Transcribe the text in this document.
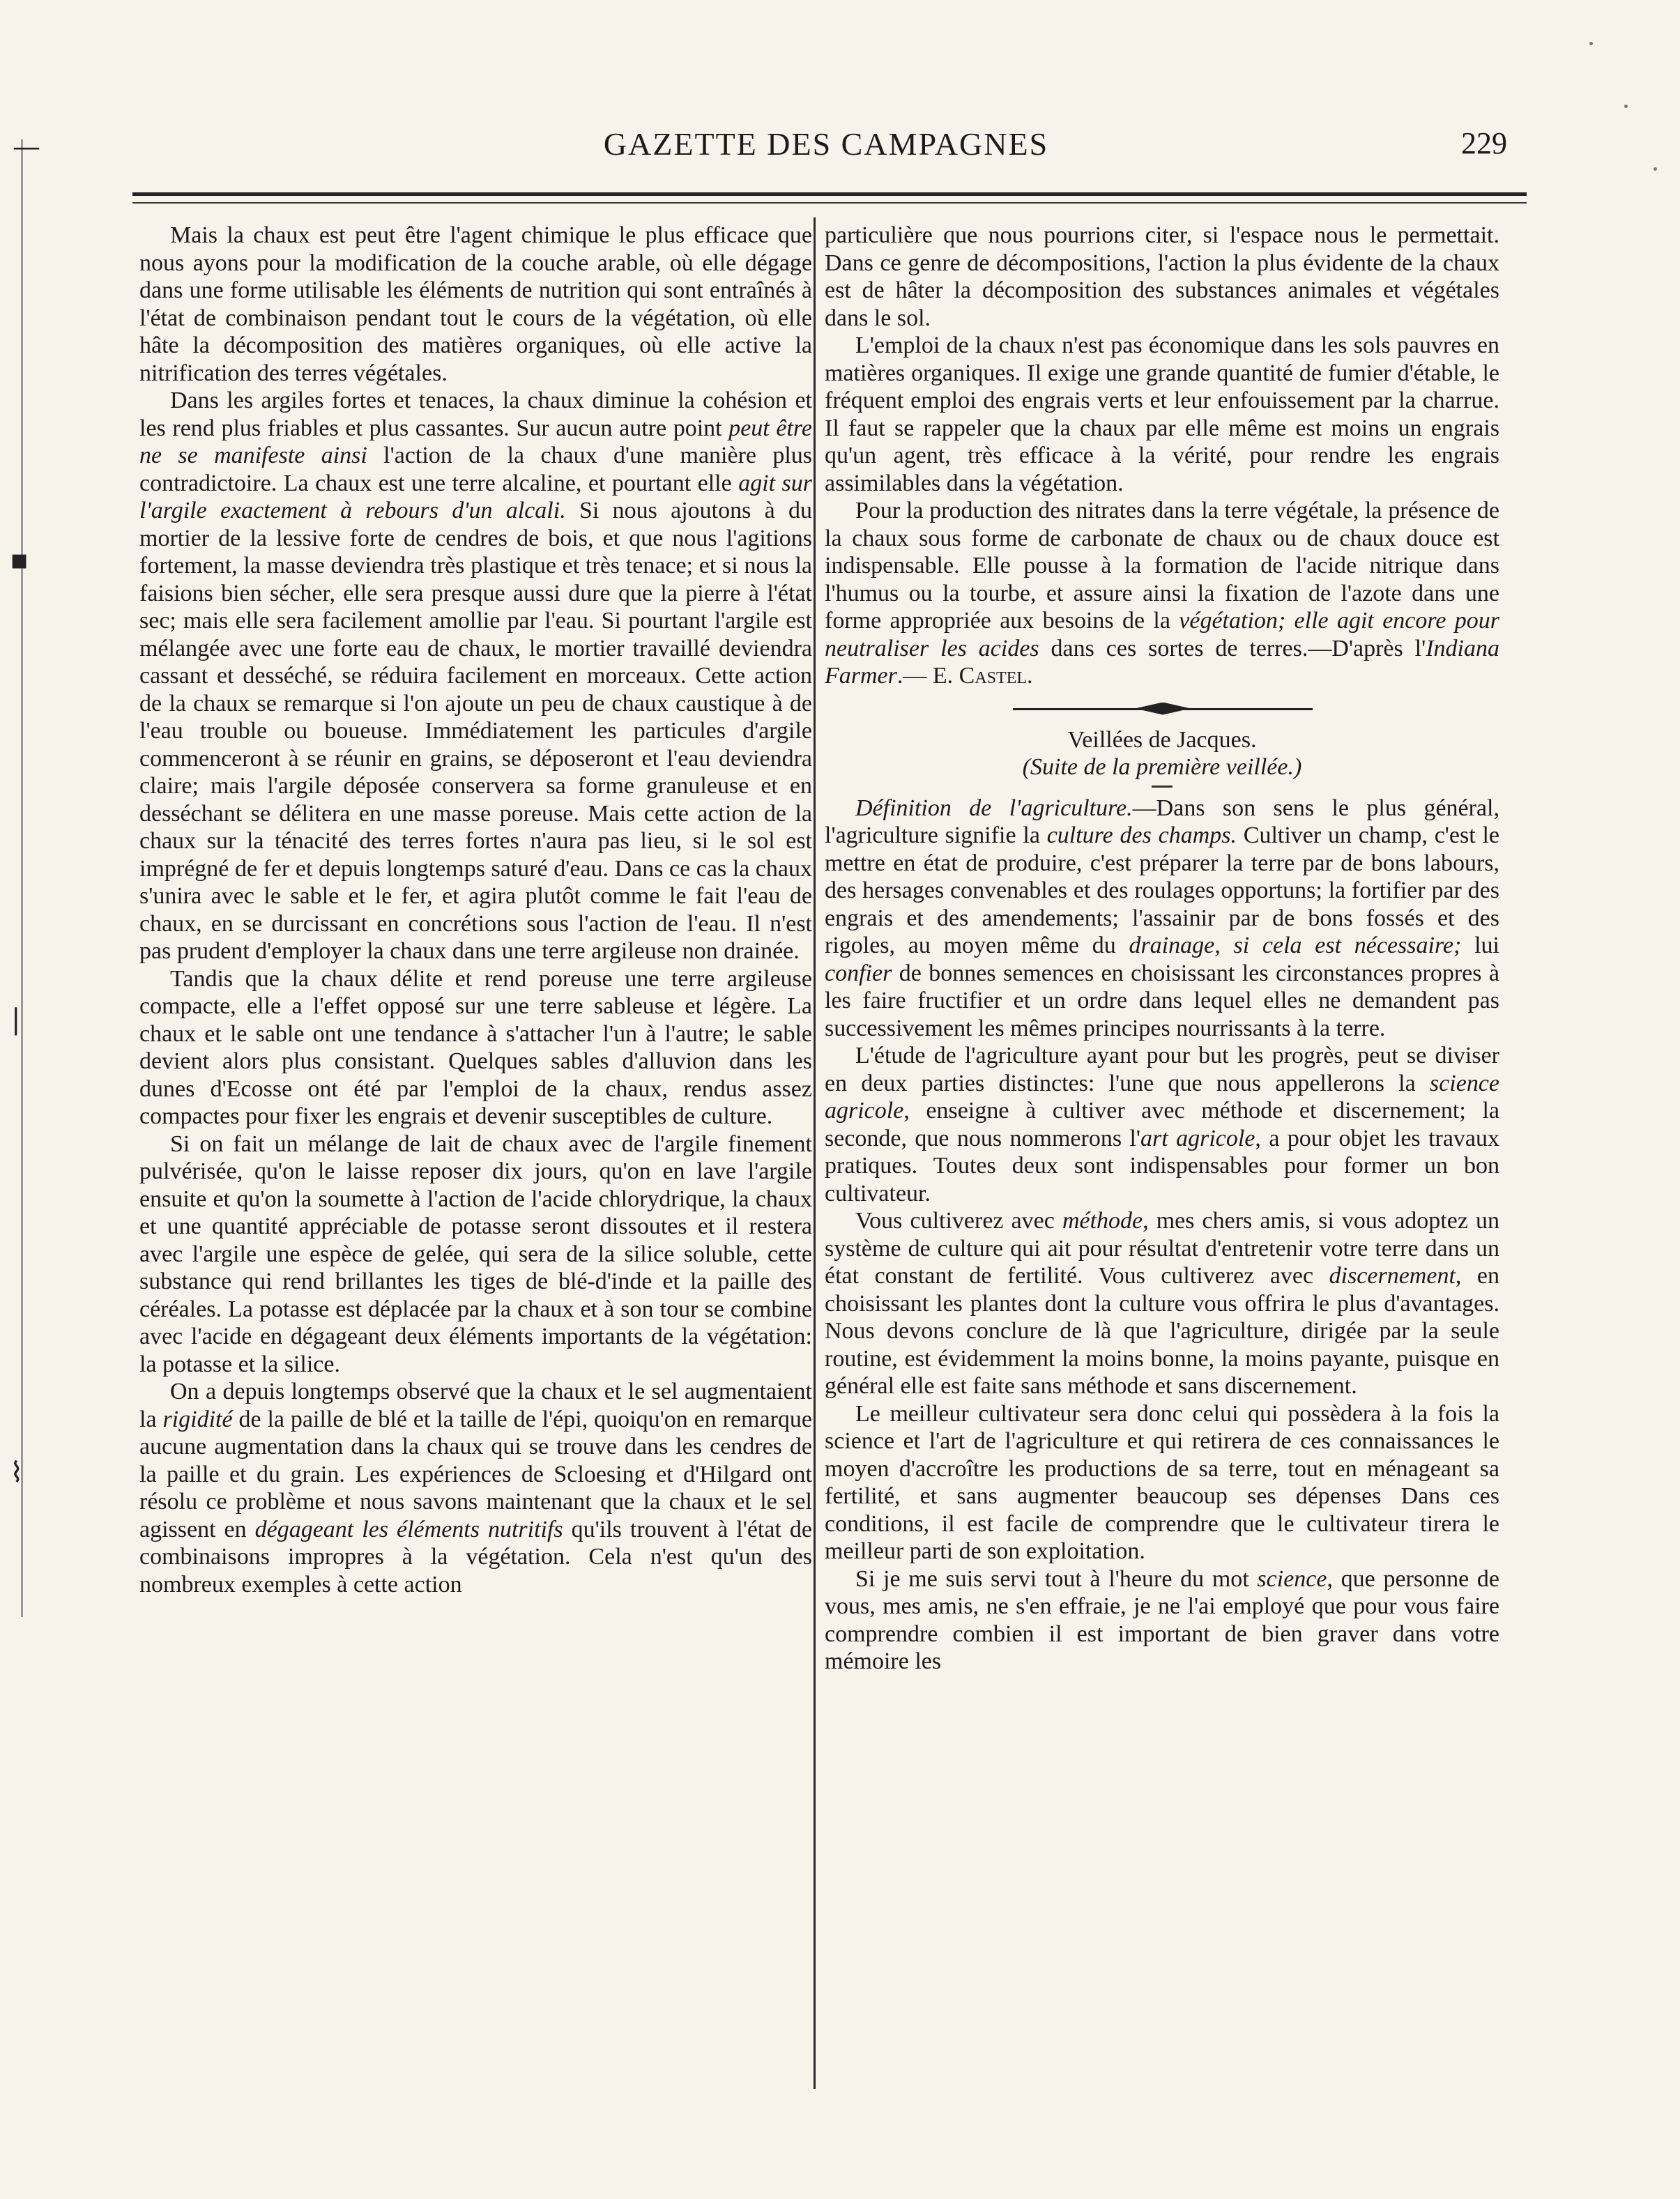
—
▪
|
⌇
GAZETTE DES CAMPAGNES	229

Mais la chaux est peut être l'agent chimique le plus efficace que nous ayons pour la modification de la couche arable, où elle dégage dans une forme utilisable les éléments de nutrition qui sont entraînés à l'état de combinaison pendant tout le cours de la végétation, où elle hâte la décomposition des matières organiques, où elle active la nitrification des terres végétales.

Dans les argiles fortes et tenaces, la chaux diminue la cohésion et les rend plus friables et plus cassantes. Sur aucun autre point peut être ne se manifeste ainsi l'action de la chaux d'une manière plus contradictoire. La chaux est une terre alcaline, et pourtant elle agit sur l'argile exactement à rebours d'un alcali. Si nous ajoutons à du mortier de la lessive forte de cendres de bois, et que nous l'agitions fortement, la masse deviendra très plastique et très tenace; et si nous la faisions bien sécher, elle sera presque aussi dure que la pierre à l'état sec; mais elle sera facilement amollie par l'eau. Si pourtant l'argile est mélangée avec une forte eau de chaux, le mortier travaillé deviendra cassant et desséché, se réduira facilement en morceaux. Cette action de la chaux se remarque si l'on ajoute un peu de chaux caustique à de l'eau trouble ou boueuse. Immédiatement les particules d'argile commenceront à se réunir en grains, se déposeront et l'eau deviendra claire; mais l'argile déposée conservera sa forme granuleuse et en desséchant se délitera en une masse poreuse. Mais cette action de la chaux sur la ténacité des terres fortes n'aura pas lieu, si le sol est imprégné de fer et depuis longtemps saturé d'eau. Dans ce cas la chaux s'unira avec le sable et le fer, et agira plutôt comme le fait l'eau de chaux, en se durcissant en concrétions sous l'action de l'eau. Il n'est pas prudent d'employer la chaux dans une terre argileuse non drainée.

Tandis que la chaux délite et rend poreuse une terre argileuse compacte, elle a l'effet opposé sur une terre sableuse et légère. La chaux et le sable ont une tendance à s'attacher l'un à l'autre; le sable devient alors plus consistant. Quelques sables d'alluvion dans les dunes d'Ecosse ont été par l'emploi de la chaux, rendus assez compactes pour fixer les engrais et devenir susceptibles de culture.

Si on fait un mélange de lait de chaux avec de l'argile finement pulvérisée, qu'on le laisse reposer dix jours, qu'on en lave l'argile ensuite et qu'on la soumette à l'action de l'acide chlorydrique, la chaux et une quantité appréciable de potasse seront dissoutes et il restera avec l'argile une espèce de gelée, qui sera de la silice soluble, cette substance qui rend brillantes les tiges de blé-d'inde et la paille des céréales. La potasse est déplacée par la chaux et à son tour se combine avec l'acide en dégageant deux éléments importants de la végétation: la potasse et la silice.

On a depuis longtemps observé que la chaux et le sel augmentaient la rigidité de la paille de blé et la taille de l'épi, quoiqu'on en remarque aucune augmentation dans la chaux qui se trouve dans les cendres de la paille et du grain. Les expériences de Scloesing et d'Hilgard ont résolu ce problème et nous savons maintenant que la chaux et le sel agissent en dégageant les éléments nutritifs qu'ils trouvent à l'état de combinaisons impropres à la végétation. Cela n'est qu'un des nombreux exemples à cette action

particulière que nous pourrions citer, si l'espace nous le permettait. Dans ce genre de décompositions, l'action la plus évidente de la chaux est de hâter la décomposition des substances animales et végétales dans le sol.

L'emploi de la chaux n'est pas économique dans les sols pauvres en matières organiques. Il exige une grande quantité de fumier d'étable, le fréquent emploi des engrais verts et leur enfouissement par la charrue. Il faut se rappeler que la chaux par elle même est moins un engrais qu'un agent, très efficace à la vérité, pour rendre les engrais assimilables dans la végétation.

Pour la production des nitrates dans la terre végétale, la présence de la chaux sous forme de carbonate de chaux ou de chaux douce est indispensable. Elle pousse à la formation de l'acide nitrique dans l'humus ou la tourbe, et assure ainsi la fixation de l'azote dans une forme appropriée aux besoins de la végétation; elle agit encore pour neutraliser les acides dans ces sortes de terres.—D'après l'Indiana Farmer.— E. Castel.

Veillées de Jacques.

(Suite de la première veillée.)

Définition de l'agriculture.—Dans son sens le plus général, l'agriculture signifie la culture des champs. Cultiver un champ, c'est le mettre en état de produire, c'est préparer la terre par de bons labours, des hersages convenables et des roulages opportuns; la fortifier par des engrais et des amendements; l'assainir par de bons fossés et des rigoles, au moyen même du drainage, si cela est nécessaire; lui confier de bonnes semences en choisissant les circonstances propres à les faire fructifier et un ordre dans lequel elles ne demandent pas successivement les mêmes principes nourrissants à la terre.

L'étude de l'agriculture ayant pour but les progrès, peut se diviser en deux parties distinctes: l'une que nous appellerons la science agricole, enseigne à cultiver avec méthode et discernement; la seconde, que nous nommerons l'art agricole, a pour objet les travaux pratiques. Toutes deux sont indispensables pour former un bon cultivateur.

Vous cultiverez avec méthode, mes chers amis, si vous adoptez un système de culture qui ait pour résultat d'entretenir votre terre dans un état constant de fertilité. Vous cultiverez avec discernement, en choisissant les plantes dont la culture vous offrira le plus d'avantages. Nous devons conclure de là que l'agriculture, dirigée par la seule routine, est évidemment la moins bonne, la moins payante, puisque en général elle est faite sans méthode et sans discernement.

Le meilleur cultivateur sera donc celui qui possèdera à la fois la science et l'art de l'agriculture et qui retirera de ces connaissances le moyen d'accroître les productions de sa terre, tout en ménageant sa fertilité, et sans augmenter beaucoup ses dépenses Dans ces conditions, il est facile de comprendre que le cultivateur tirera le meilleur parti de son exploitation.

Si je me suis servi tout à l'heure du mot science, que personne de vous, mes amis, ne s'en effraie, je ne l'ai employé que pour vous faire comprendre combien il est important de bien graver dans votre mémoire les
